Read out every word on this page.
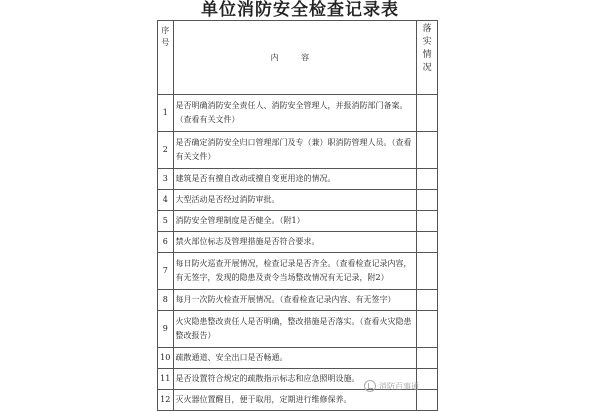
单位消防安全检查记录表
序号	内 容	落实情况

1	是否明确消防安全责任人、消防安全管理人，并报消防部门备案。（查看有关文件）	
2	是否确定消防安全归口管理部门及专（兼）职消防管理人员。（查看有关文件）	
3	建筑是否有擅自改动或擅自变更用途的情况。	
4	大型活动是否经过消防审批。	
5	消防安全管理制度是否健全。（附1）	
6	禁火部位标志及管理措施是否符合要求。	
7	每日防火巡查开展情况，检查记录是否齐全。（查看检查记录内容，有无签字，发现的隐患及责令当场整改情况有无记录，附2）	
8	每月一次防火检查开展情况。（查看检查记录内容、有无签字）	
9	火灾隐患整改责任人是否明确，整改措施是否落实。（查看火灾隐患整改报告）	
10	疏散通道、安全出口是否畅通。	
11	是否设置符合规定的疏散指示标志和应急照明设施。	
12	灭火器位置醒目，便于取用，定期进行维修保养。	
消防百事通
